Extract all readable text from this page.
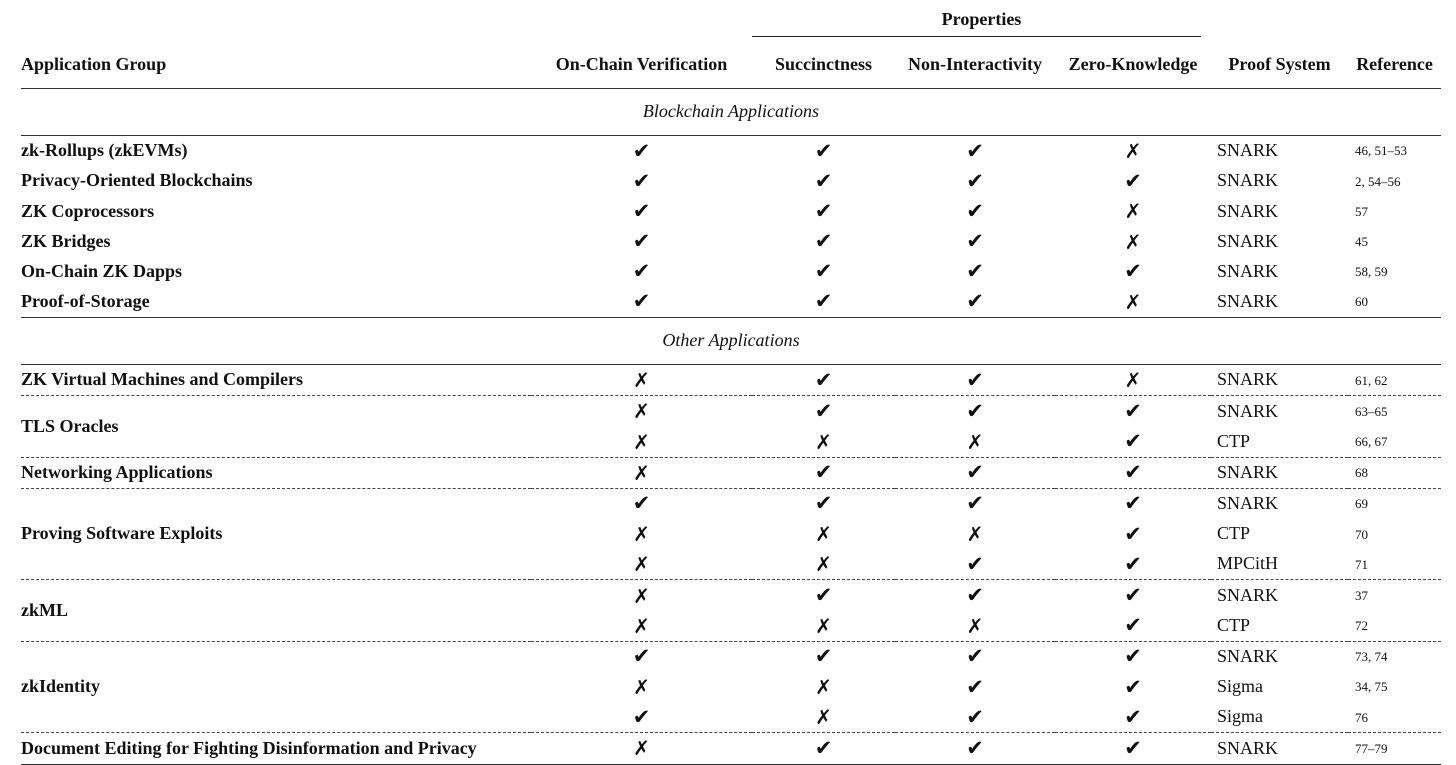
		Properties				

Application Group	On-Chain Verification	Succinctness	Non-Interactivity	Zero-Knowledge	Proof System	Reference
Blockchain Applications						
zk-Rollups (zkEVMs)	✔	✔	✔	✗	SNARK	46, 51–53
Privacy-Oriented Blockchains	✔	✔	✔	✔	SNARK	2, 54–56
ZK Coprocessors	✔	✔	✔	✗	SNARK	57
ZK Bridges	✔	✔	✔	✗	SNARK	45
On-Chain ZK Dapps	✔	✔	✔	✔	SNARK	58, 59
Proof-of-Storage	✔	✔	✔	✗	SNARK	60
Other Applications						
ZK Virtual Machines and Compilers	✗	✔	✔	✗	SNARK	61, 62
TLS Oracles	✗	✔	✔	✔	SNARK	63–65
	✗	✗	✗	✔	CTP	66, 67
Networking Applications	✗	✔	✔	✔	SNARK	68
Proving Software Exploits	✔	✔	✔	✔	SNARK	69
	✗	✗	✗	✔	CTP	70
	✗	✗	✔	✔	MPCitH	71
zkML	✗	✔	✔	✔	SNARK	37
	✗	✗	✗	✔	CTP	72
zkIdentity	✔	✔	✔	✔	SNARK	73, 74
	✗	✗	✔	✔	Sigma	34, 75
	✔	✗	✔	✔	Sigma	76
Document Editing for Fighting Disinformation and Privacy	✗	✔	✔	✔	SNARK	77–79
